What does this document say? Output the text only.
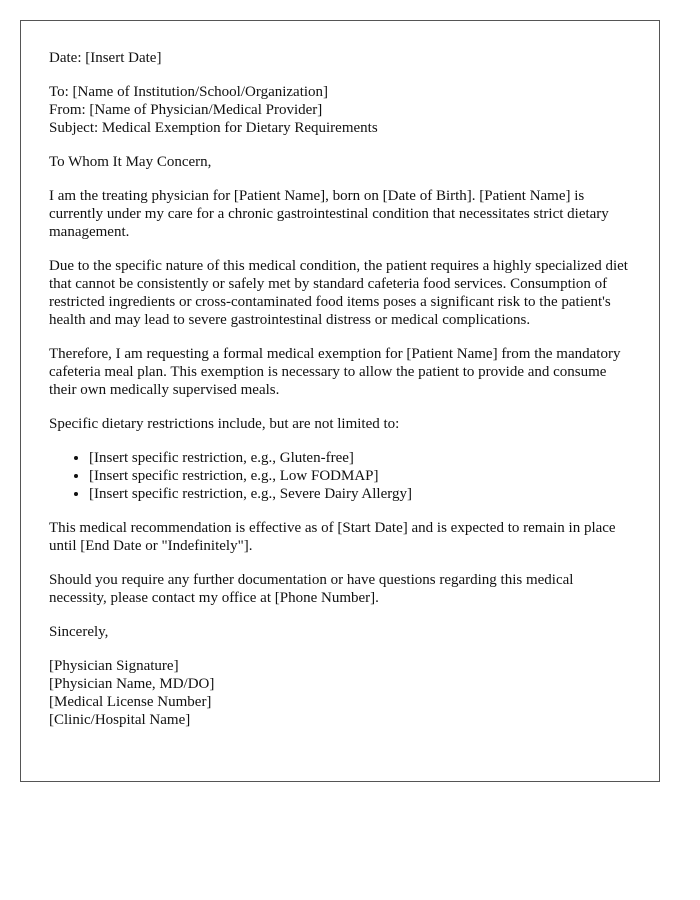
Date: [Insert Date]
To: [Name of Institution/School/Organization]
From: [Name of Physician/Medical Provider]
Subject: Medical Exemption for Dietary Requirements

To Whom It May Concern,

I am the treating physician for [Patient Name], born on [Date of Birth]. [Patient Name] is currently under my care for a chronic gastrointestinal condition that necessitates strict dietary management.

Due to the specific nature of this medical condition, the patient requires a highly specialized diet that cannot be consistently or safely met by standard cafeteria food services. Consumption of restricted ingredients or cross-contaminated food items poses a significant risk to the patient's health and may lead to severe gastrointestinal distress or medical complications.

Therefore, I am requesting a formal medical exemption for [Patient Name] from the mandatory cafeteria meal plan. This exemption is necessary to allow the patient to provide and consume their own medically supervised meals.

Specific dietary restrictions include, but are not limited to:

• [Insert specific restriction, e.g., Gluten-free]
• [Insert specific restriction, e.g., Low FODMAP]
• [Insert specific restriction, e.g., Severe Dairy Allergy]

This medical recommendation is effective as of [Start Date] and is expected to remain in place until [End Date or "Indefinitely"].

Should you require any further documentation or have questions regarding this medical necessity, please contact my office at [Phone Number].

Sincerely,

[Physician Signature]
[Physician Name, MD/DO]
[Medical License Number]
[Clinic/Hospital Name]
